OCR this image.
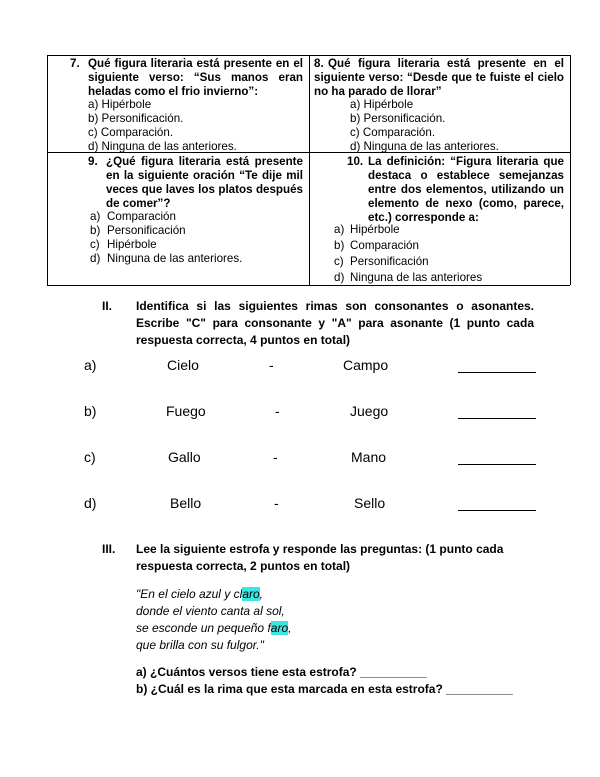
7. Qué figura literaria está presente en el siguiente verso: “Sus manos eran heladas como el frio invierno”:
a) Hipérbole
b) Personificación.
c) Comparación.
d) Ninguna de las anteriores.
8. Qué figura literaria está presente en el siguiente verso: “Desde que te fuiste el cielo no ha parado de llorar”
a) Hipérbole
b) Personificación.
c) Comparación.
d) Ninguna de las anteriores.
9. ¿Qué figura literaria está presente en la siguiente oración “Te dije mil veces que laves los platos después de comer”?
a) Comparación
b) Personificación
c) Hipérbole
d) Ninguna de las anteriores.
10. La definición: “Figura literaria que destaca o establece semejanzas entre dos elementos, utilizando un elemento de nexo (como, parece, etc.) corresponde a:
a) Hipérbole
b) Comparación
c) Personificación
d) Ninguna de las anteriores
II. Identifica si las siguientes rimas son consonantes o asonantes. Escribe "C" para consonante y "A" para asonante (1 punto cada respuesta correcta, 4 puntos en total)
a)	Cielo	-	Campo
b)	Fuego	-	Juego
c)	Gallo	-	Mano
d)	Bello	-	Sello
III. Lee la siguiente estrofa y responde las preguntas: (1 punto cada respuesta correcta, 2 puntos en total)
"En el cielo azul y claro,
donde el viento canta al sol,
se esconde un pequeño faro,
que brilla con su fulgor."
a) ¿Cuántos versos tiene esta estrofa? __________
b) ¿Cuál es la rima que esta marcada en esta estrofa? __________
